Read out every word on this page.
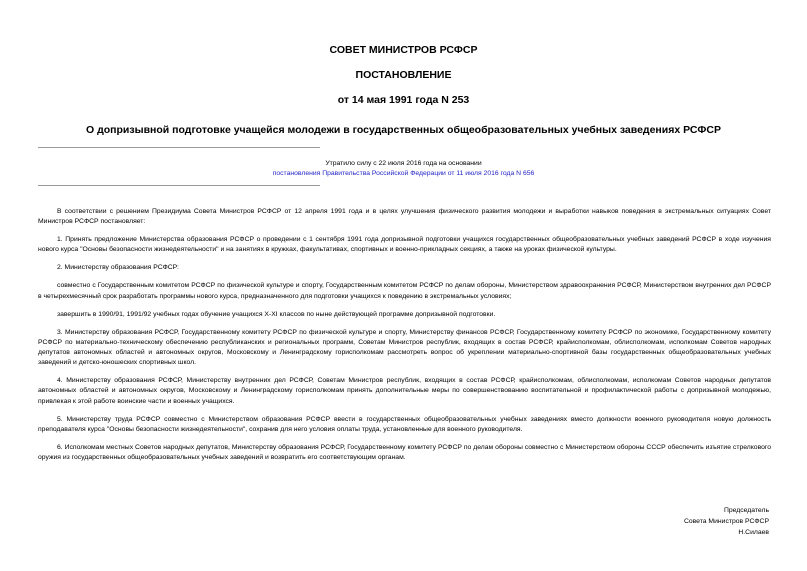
СОВЕТ МИНИСТРОВ РСФСР
ПОСТАНОВЛЕНИЕ
от 14 мая 1991 года N 253
О допризывной подготовке учащейся молодежи в государственных общеобразовательных учебных заведениях РСФСР
Утратило силу с 22 июля 2016 года на основании
постановления Правительства Российской Федерации от 11 июля 2016 года N 656

В соответствии с решением Президиума Совета Министров РСФСР от 12 апреля 1991 года и в целях улучшения физического развития молодежи и выработки навыков поведения в экстремальных ситуациях Совет Министров РСФСР постановляет:

1. Принять предложение Министерства образования РСФСР о проведении с 1 сентября 1991 года допризывной подготовки учащихся государственных общеобразовательных учебных заведений РСФСР в ходе изучения нового курса "Основы безопасности жизнедеятельности" и на занятиях в кружках, факультативах, спортивных и военно-прикладных секциях, а также на уроках физической культуры.

2. Министерству образования РСФСР:

совместно с Государственным комитетом РСФСР по физической культуре и спорту, Государственным комитетом РСФСР по делам обороны, Министерством здравоохранения РСФСР, Министерством внутренних дел РСФСР в четырехмесячный срок разработать программы нового курса, предназначенного для подготовки учащихся к поведению в экстремальных условиях;

завершить в 1990/91, 1991/92 учебных годах обучение учащихся X-XI классов по ныне действующей программе допризывной подготовки.

3. Министерству образования РСФСР, Государственному комитету РСФСР по физической культуре и спорту, Министерству финансов РСФСР, Государственному комитету РСФСР по экономике, Государственному комитету РСФСР по материально-техническому обеспечению республиканских и региональных программ, Советам Министров республик, входящих в состав РСФСР, крайисполкомам, облисполкомам, исполкомам Советов народных депутатов автономных областей и автономных округов, Московскому и Ленинградскому горисполкомам рассмотреть вопрос об укреплении материально-спортивной базы государственных общеобразовательных учебных заведений и детско-юношеских спортивных школ.

4. Министерству образования РСФСР, Министерству внутренних дел РСФСР, Советам Министров республик, входящих в состав РСФСР, крайисполкомам, облисполкомам, исполкомам Советов народных депутатов автономных областей и автономных округов, Московскому и Ленинградскому горисполкомам принять дополнительные меры по совершенствованию воспитательной и профилактической работы с допризывной молодежью, привлекая к этой работе воинские части и военных учащихся.

5. Министерству труда РСФСР совместно с Министерством образования РСФСР ввести в государственных общеобразовательных учебных заведениях вместо должности военного руководителя новую должность преподавателя курса "Основы безопасности жизнедеятельности", сохранив для него условия оплаты труда, установленные для военного руководителя.

6. Исполкомам местных Советов народных депутатов, Министерству образования РСФСР, Государственному комитету РСФСР по делам обороны совместно с Министерством обороны СССР обеспечить изъятие стрелкового оружия из государственных общеобразовательных учебных заведений и возвратить его соответствующим органам.

Председатель
Совета Министров РСФСР
Н.Силаев
